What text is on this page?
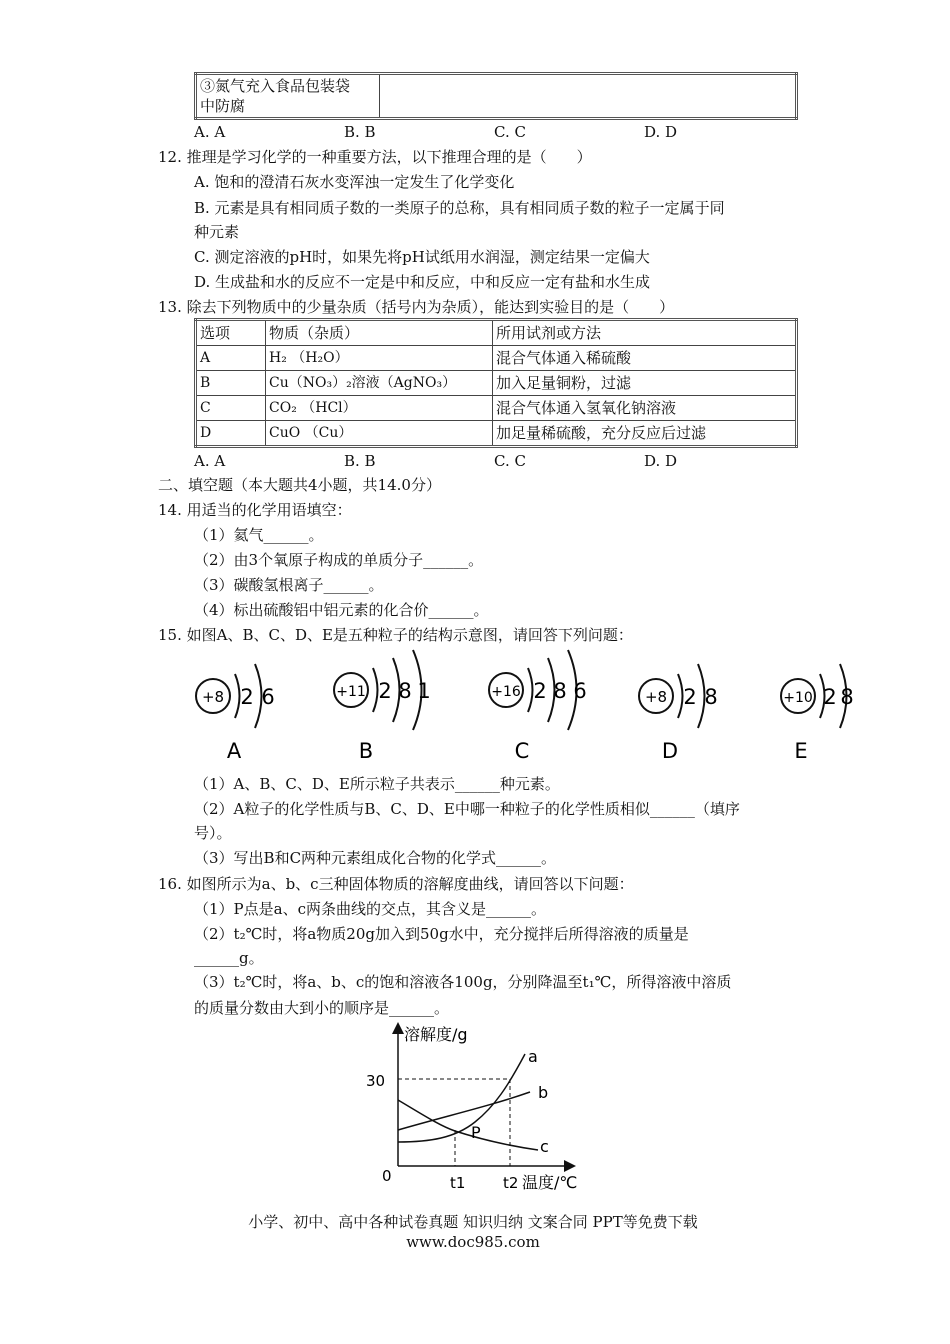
③氮气充入食品包装袋
中防腐

A. A	B. B	C. C	D. D
12. 推理是学习化学的一种重要方法，以下推理合理的是（　　）
A. 饱和的澄清石灰水变浑浊一定发生了化学变化
B. 元素是具有相同质子数的一类原子的总称，具有相同质子数的粒子一定属于同
种元素
C. 测定溶液的pH时，如果先将pH试纸用水润湿，测定结果一定偏大
D. 生成盐和水的反应不一定是中和反应，中和反应一定有盐和水生成
13. 除去下列物质中的少量杂质（括号内为杂质），能达到实验目的是（　　）
选项	物质（杂质）	所用试剂或方法
A	H₂ （H₂O）	混合气体通入稀硫酸
B	Cu（NO₃）₂溶液（AgNO₃）	加入足量铜粉，过滤
C	CO₂ （HCl）	混合气体通入氢氧化钠溶液
D	CuO （Cu）	加足量稀硫酸，充分反应后过滤
A. A	B. B	C. C	D. D
二、填空题（本大题共4小题，共14.0分）
14. 用适当的化学用语填空：
（1）氦气______。
（2）由3个氧原子构成的单质分子______。
（3）碳酸氢根离子______。
（4）标出硫酸铝中铝元素的化合价______。
15. 如图A、B、C、D、E是五种粒子的结构示意图，请回答下列问题：
+8 2 6
A
+11 2 8 1
B
+16 2 8 6
C
+8 2 8
D
+10 2 8
E
（1）A、B、C、D、E所示粒子共表示______种元素。
（2）A粒子的化学性质与B、C、D、E中哪一种粒子的化学性质相似______（填序
号）。
（3）写出B和C两种元素组成化合物的化学式______。
16. 如图所示为a、b、c三种固体物质的溶解度曲线，请回答以下问题：
（1）P点是a、c两条曲线的交点，其含义是______。
（2）t₂℃时，将a物质20g加入到50g水中，充分搅拌后所得溶液的质量是
______g。
（3）t₂℃时，将a、b、c的饱和溶液各100g，分别降温至t₁℃，所得溶液中溶质
的质量分数由大到小的顺序是______。
溶解度/g
温度/℃
0
30
t1	t2
a
b
c
P
小学、初中、高中各种试卷真题 知识归纳 文案合同 PPT等免费下载
www.doc985.com
